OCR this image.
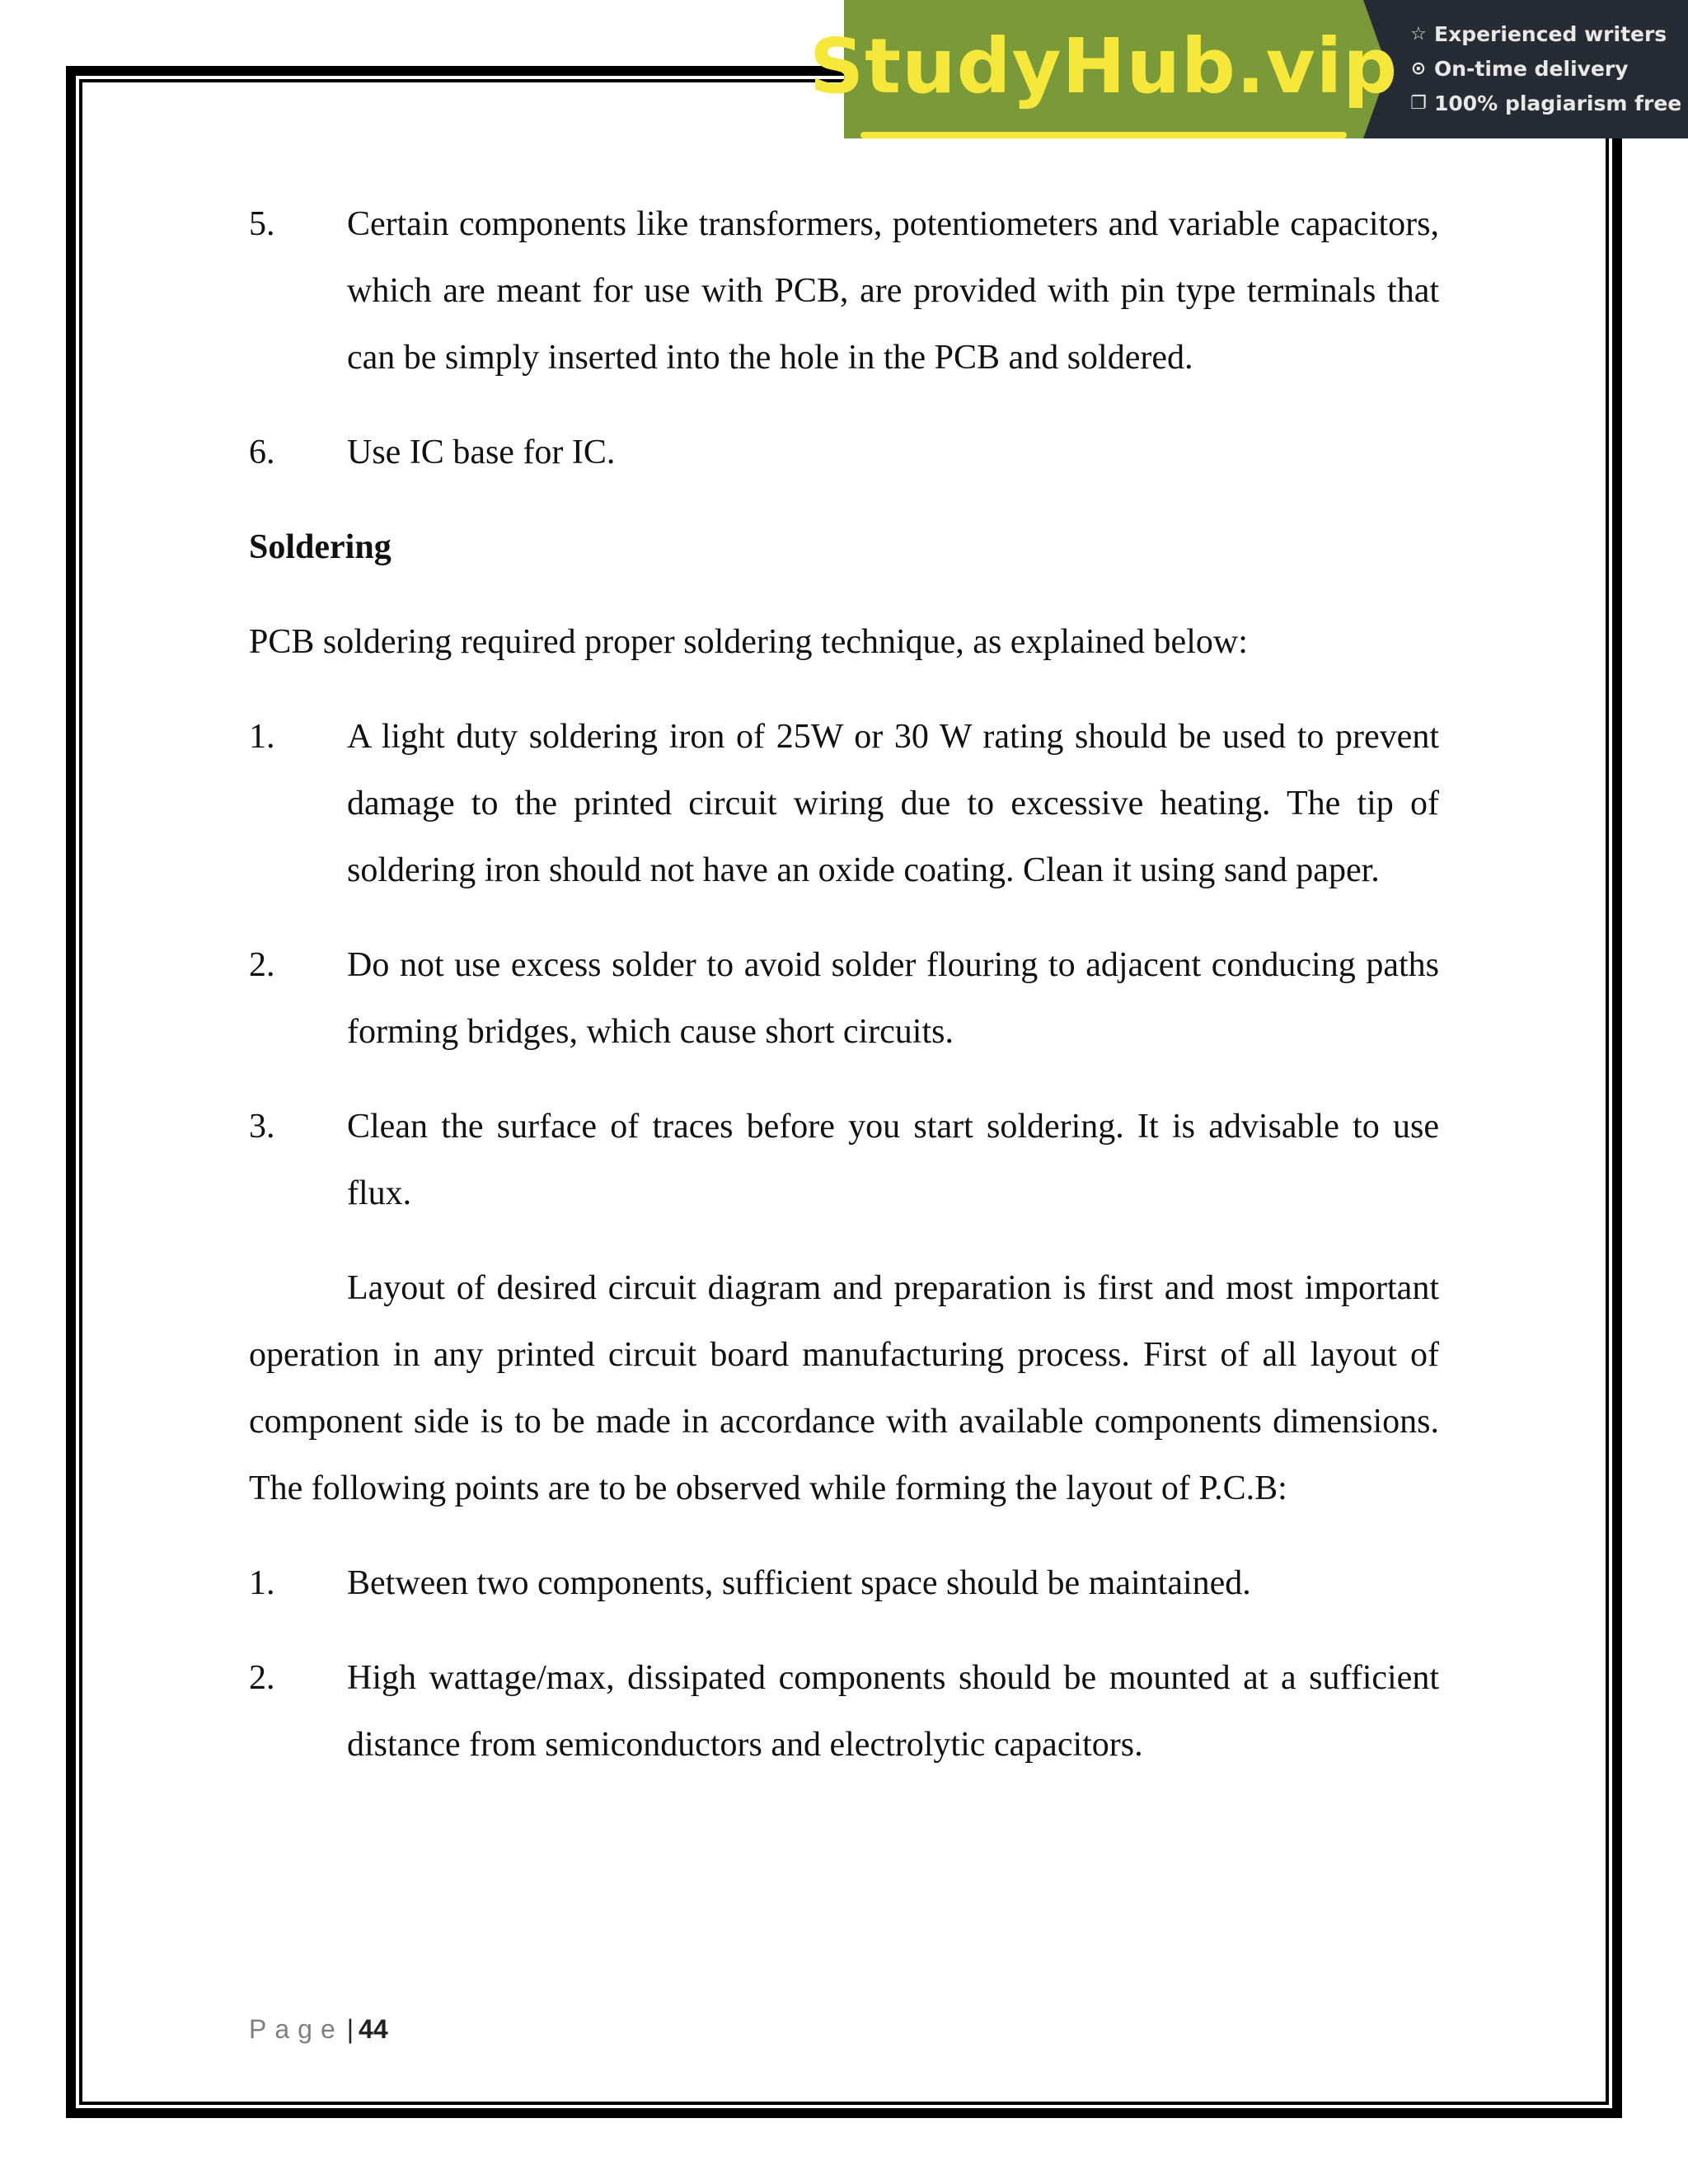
StudyHub.vip ☆ Experienced writers
⊙ On-time delivery
❐ 100% plagiarism free
5.	Certain components like transformers, potentiometers and variable capacitors, which are meant for use with PCB, are provided with pin type terminals that can be simply inserted into the hole in the PCB and soldered.
6.	Use IC base for IC.
Soldering
PCB soldering required proper soldering technique, as explained below:
1.	A light duty soldering iron of 25W or 30 W rating should be used to prevent damage to the printed circuit wiring due to excessive heating. The tip of soldering iron should not have an oxide coating. Clean it using sand paper.
2.	Do not use excess solder to avoid solder flouring to adjacent conducing paths forming bridges, which cause short circuits.
3.	Clean the surface of traces before you start soldering. It is advisable to use flux.
Layout of desired circuit diagram and preparation is first and most important operation in any printed circuit board manufacturing process. First of all layout of component side is to be made in accordance with available components dimensions. The following points are to be observed while forming the layout of P.C.B:
1.	Between two components, sufficient space should be maintained.
2.	High wattage/max, dissipated components should be mounted at a sufficient distance from semiconductors and electrolytic capacitors.
Page | 44
